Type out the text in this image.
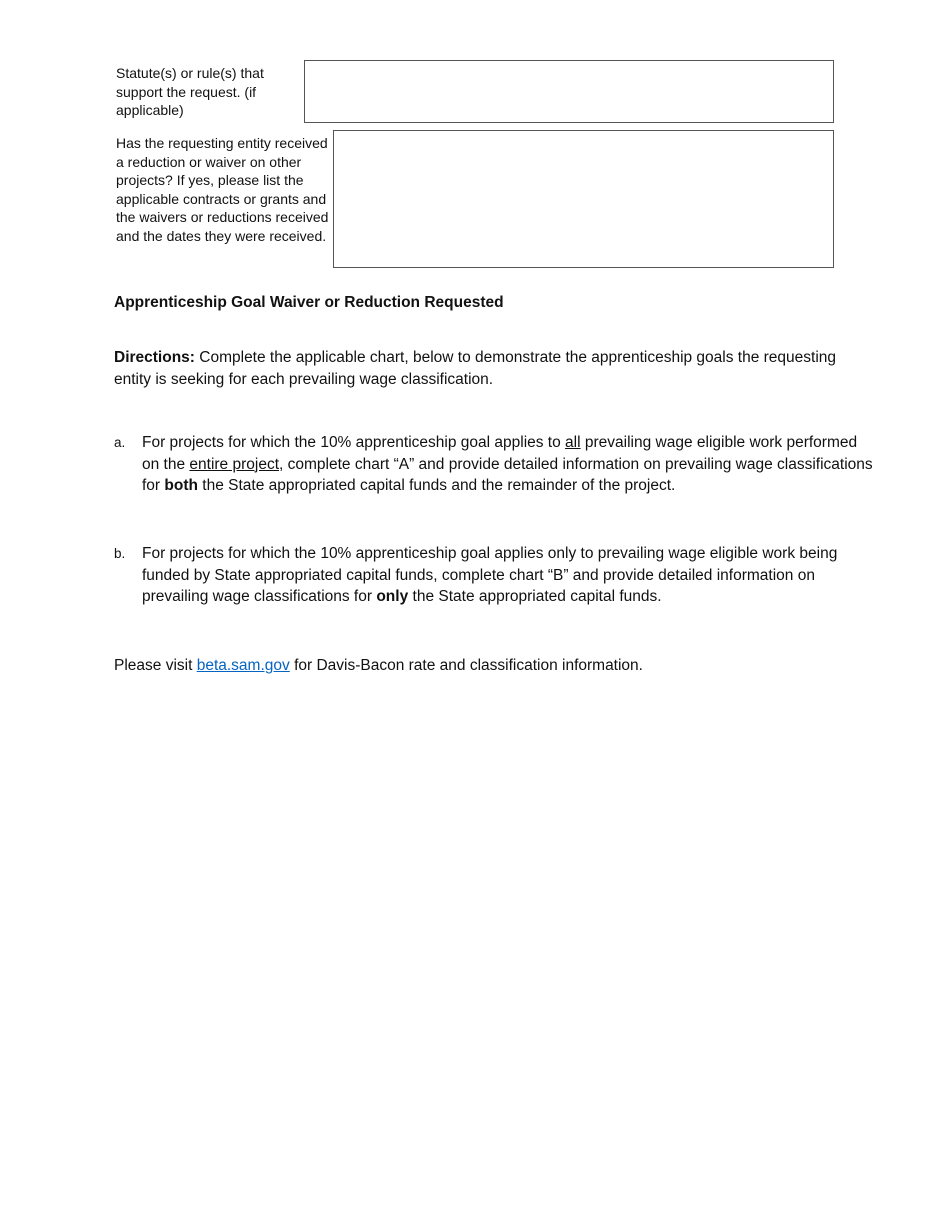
Statute(s) or rule(s) that support the request. (if applicable)
Has the requesting entity received a reduction or waiver on other projects? If yes, please list the applicable contracts or grants and the waivers or reductions received and the dates they were received.
Apprenticeship Goal Waiver or Reduction Requested
Directions: Complete the applicable chart, below to demonstrate the apprenticeship goals the requesting entity is seeking for each prevailing wage classification.
a. For projects for which the 10% apprenticeship goal applies to all prevailing wage eligible work performed on the entire project, complete chart “A” and provide detailed information on prevailing wage classifications for both the State appropriated capital funds and the remainder of the project.
b. For projects for which the 10% apprenticeship goal applies only to prevailing wage eligible work being funded by State appropriated capital funds, complete chart “B” and provide detailed information on prevailing wage classifications for only the State appropriated capital funds.
Please visit beta.sam.gov for Davis-Bacon rate and classification information.
